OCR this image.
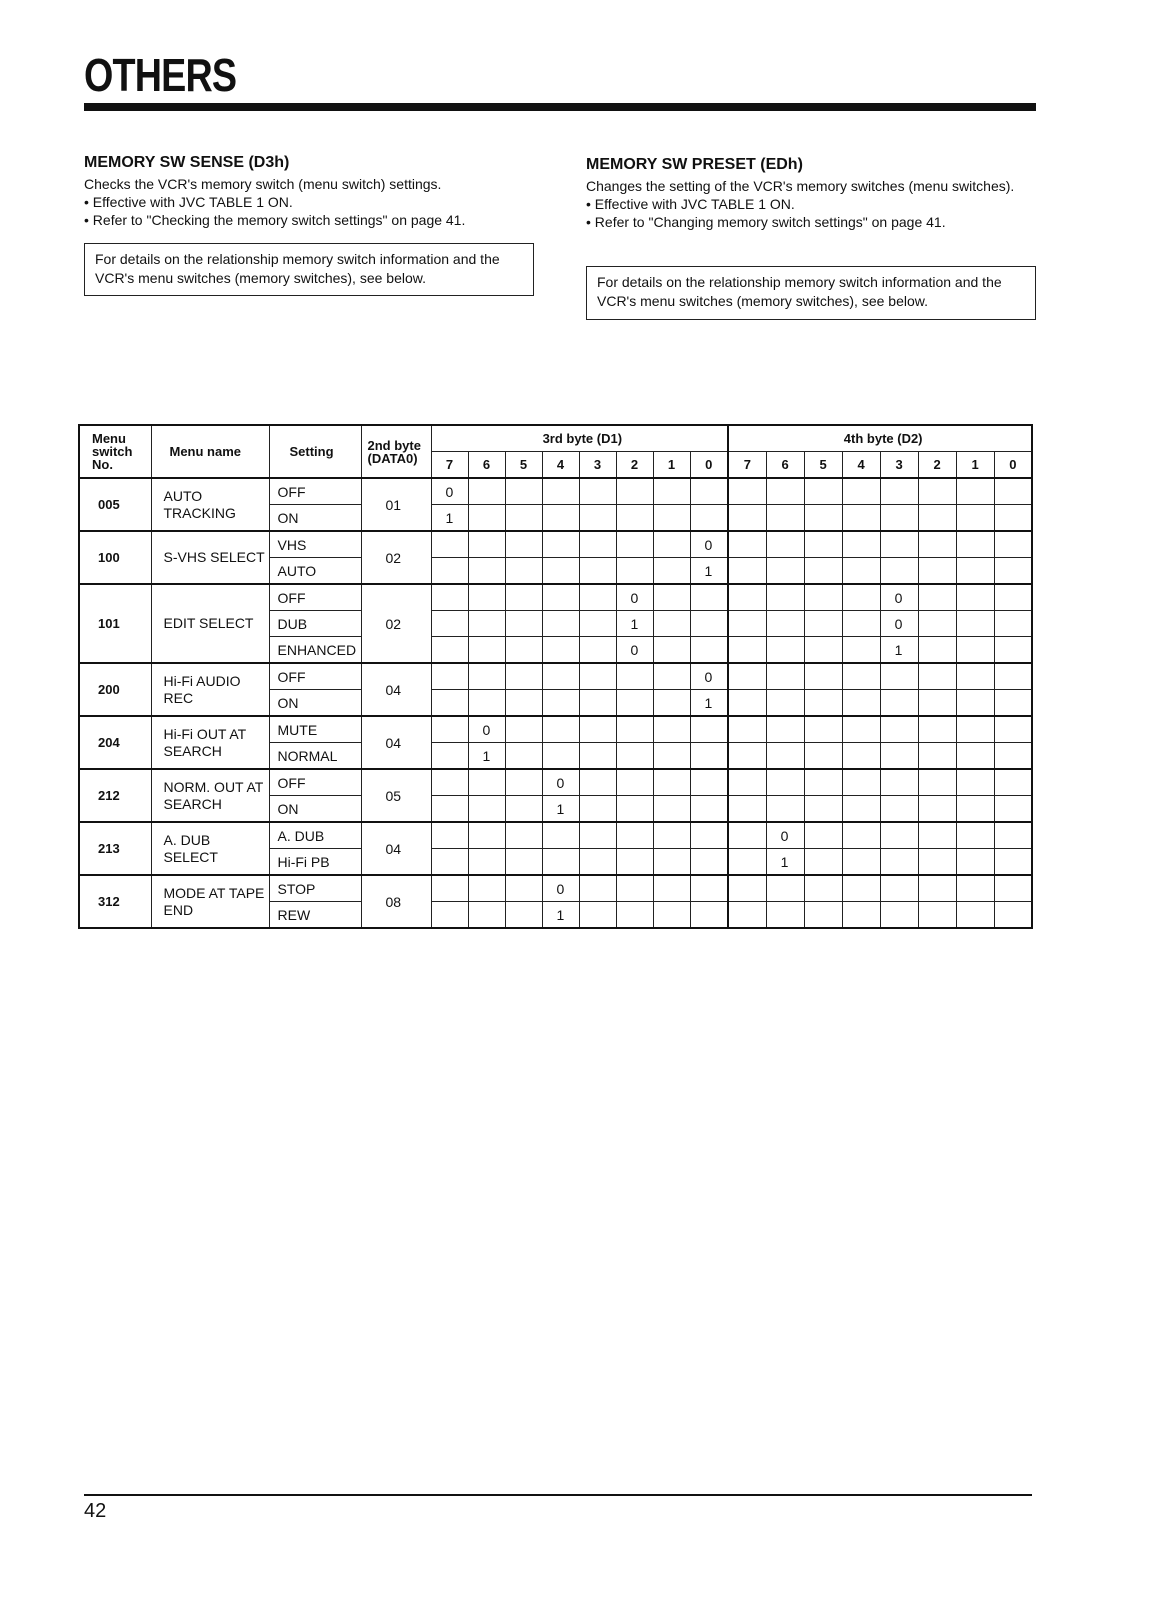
OTHERS
MEMORY SW SENSE (D3h)

Checks the VCR's memory switch (menu switch) settings.

• Effective with JVC TABLE 1 ON.
• Refer to "Checking the memory switch settings" on page 41.
For details on the relationship memory switch information and the VCR's menu switches (memory switches), see below.
MEMORY SW PRESET (EDh)

Changes the setting of the VCR's memory switches (menu switches).

• Effective with JVC TABLE 1 ON.
• Refer to "Changing memory switch settings" on page 41.
For details on the relationship memory switch information and the VCR's menu switches (memory switches), see below.
Menu switch No.	Menu name	Setting	2nd byte (DATA0)	3rd byte (D1)								4th byte (D2)							
				7	6	5	4	3	2	1	0	7	6	5	4	3	2	1	0
005	AUTO TRACKING	OFF	01	0															
		ON		1															
100	S-VHS SELECT	VHS	02								0								
		AUTO									1								
101	EDIT SELECT	OFF	02						0							0			
		DUB							1							0			
		ENHANCED							0							1			
200	Hi-Fi AUDIO REC	OFF	04								0								
		ON									1								
204	Hi-Fi OUT AT SEARCH	MUTE	04		0														
		NORMAL			1														
212	NORM. OUT AT SEARCH	OFF	05				0												
		ON					1												
213	A. DUB SELECT	A. DUB	04										0						
		Hi-Fi PB											1						
312	MODE AT TAPE END	STOP	08				0												
		REW					1												
42
